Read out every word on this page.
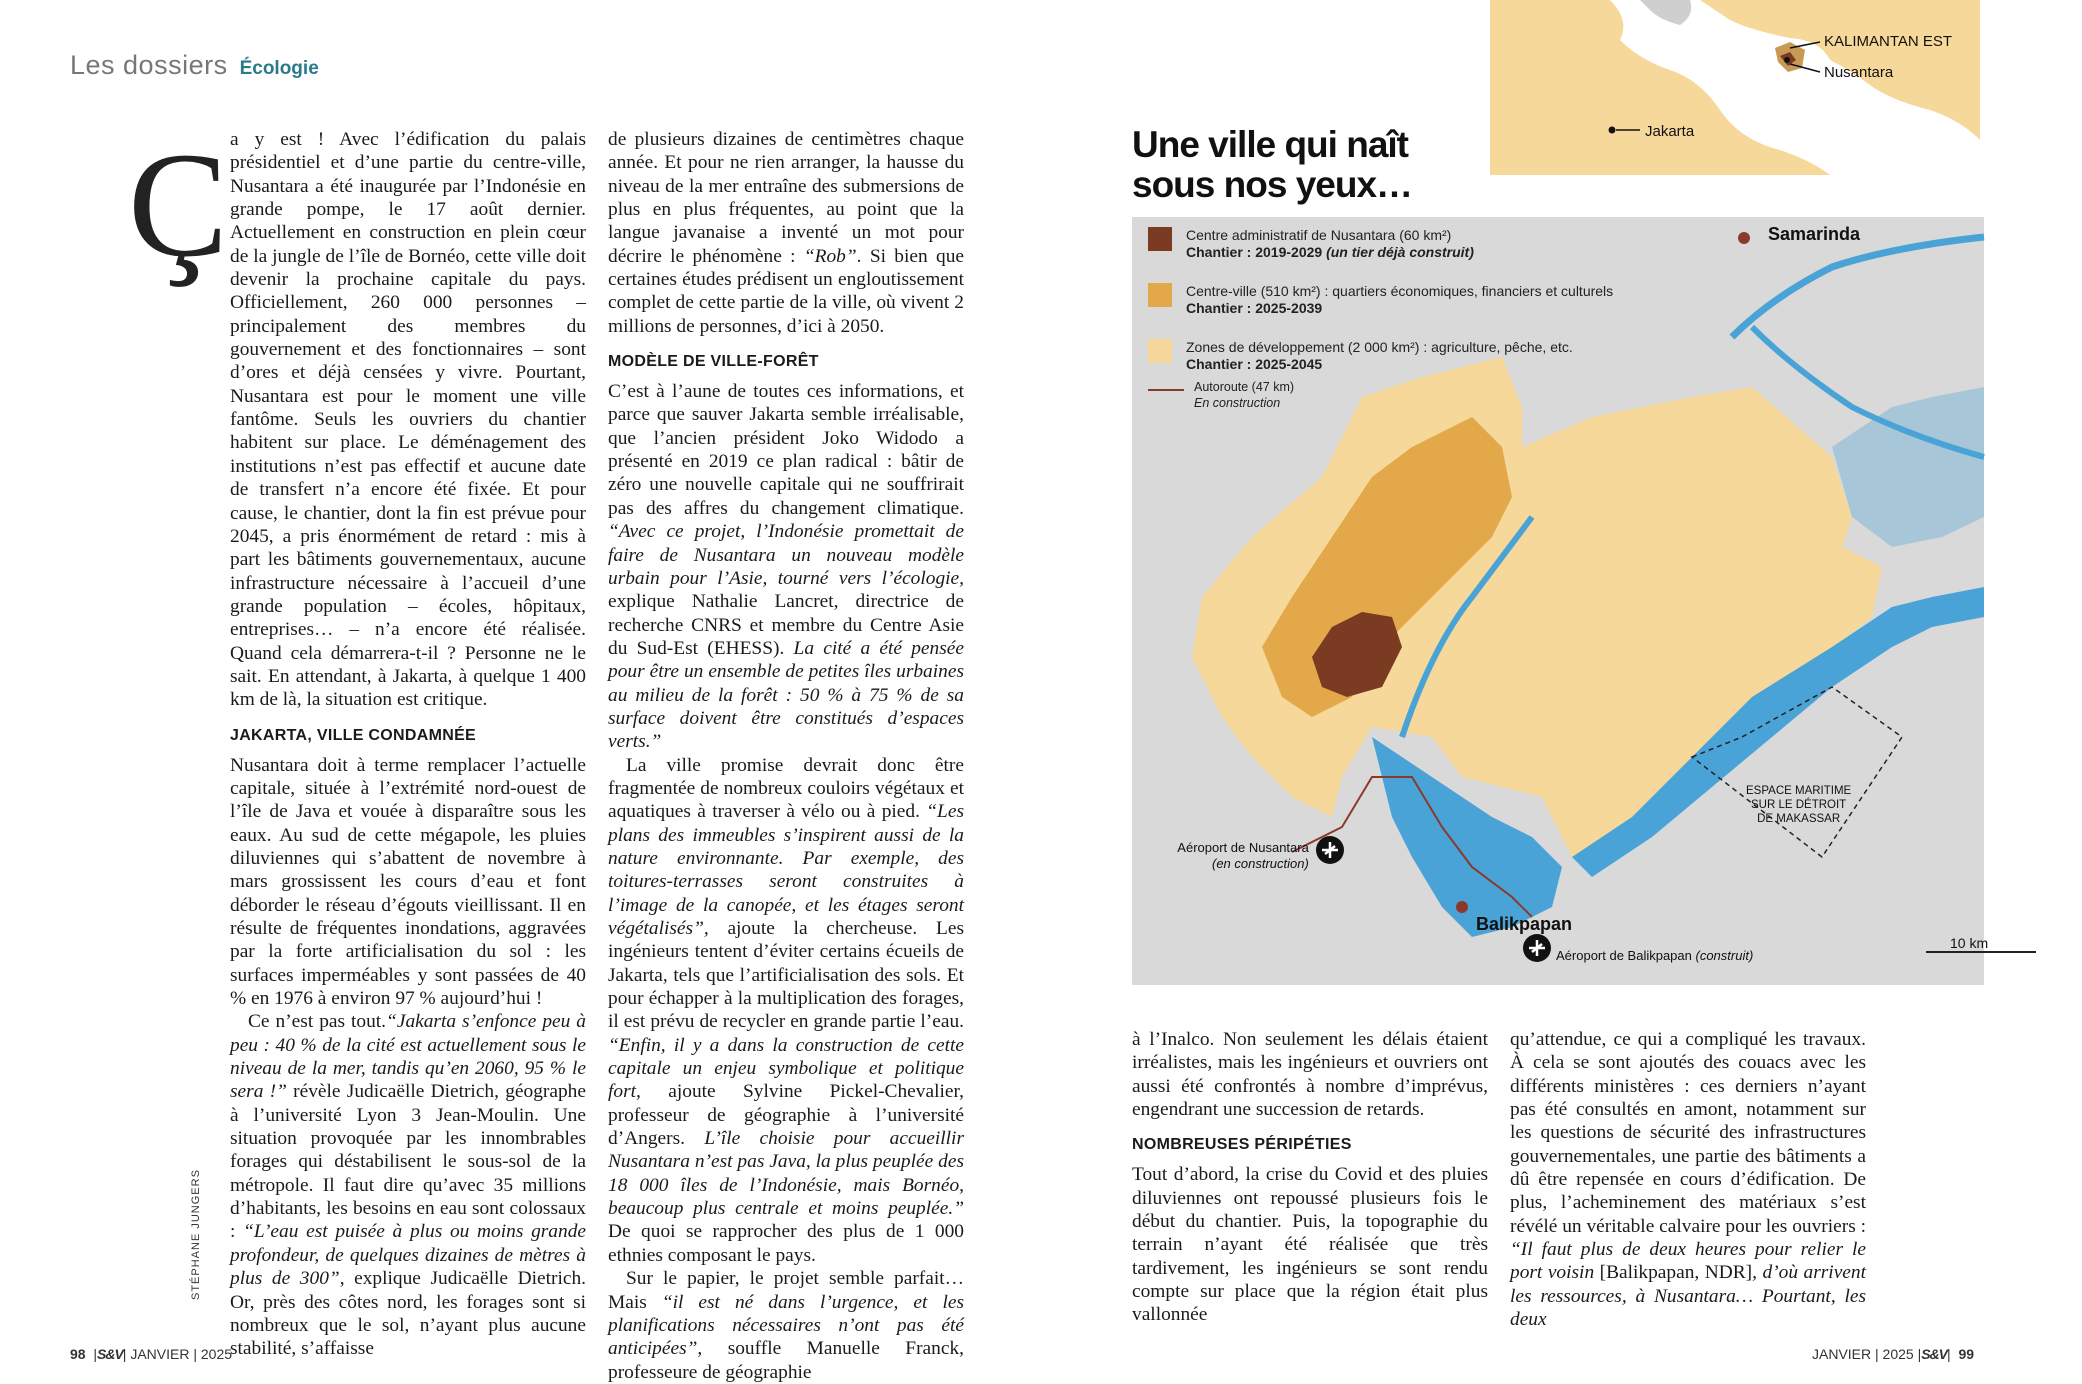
Les dossiers Écologie
Ç a y est ! Avec l’édification du palais présidentiel et d’une partie du centre-ville, Nusantara a été inaugurée par l’Indonésie en grande pompe, le 17 août dernier. Actuellement en construction en plein cœur de la jungle de l’île de Bornéo, cette ville doit devenir la prochaine capitale du pays. Officiellement, 260 000 personnes – principalement des membres du gouvernement et des fonctionnaires – sont d’ores et déjà censées y vivre. Pourtant, Nusantara est pour le moment une ville fantôme. Seuls les ouvriers du chantier habitent sur place. Le déménagement des institutions n’est pas effectif et aucune date de transfert n’a encore été fixée. Et pour cause, le chantier, dont la fin est prévue pour 2045, a pris énormément de retard : mis à part les bâtiments gouvernementaux, aucune infrastructure nécessaire à l’accueil d’une grande population – écoles, hôpitaux, entreprises… – n’a encore été réalisée. Quand cela démarrera-t-il ? Personne ne le sait. En attendant, à Jakarta, à quelque 1 400 km de là, la situation est critique.

JAKARTA, VILLE CONDAMNÉE

Nusantara doit à terme remplacer l’actuelle capitale, située à l’extrémité nord-ouest de l’île de Java et vouée à disparaître sous les eaux. Au sud de cette mégapole, les pluies diluviennes qui s’abattent de novembre à mars grossissent les cours d’eau et font déborder le réseau d’égouts vieillissant. Il en résulte de fréquentes inondations, aggravées par la forte artificialisation du sol : les surfaces imperméables y sont passées de 40 % en 1976 à environ 97 % aujourd’hui !

Ce n’est pas tout.“Jakarta s’enfonce peu à peu : 40 % de la cité est actuellement sous le niveau de la mer, tandis qu’en 2060, 95 % le sera !” révèle Judicaëlle Dietrich, géographe à l’université Lyon 3 Jean-Moulin. Une situation provoquée par les innombrables forages qui déstabilisent le sous-sol de la métropole. Il faut dire qu’avec 35 millions d’habitants, les besoins en eau sont colossaux : “L’eau est puisée à plus ou moins grande profondeur, de quelques dizaines de mètres à plus de 300”, explique Judicaëlle Dietrich. Or, près des côtes nord, les forages sont si nombreux que le sol, n’ayant plus aucune stabilité, s’affaisse

STÉPHANE JUNGERS

de plusieurs dizaines de centimètres chaque année. Et pour ne rien arranger, la hausse du niveau de la mer entraîne des submersions de plus en plus fréquentes, au point que la langue javanaise a inventé un mot pour décrire le phénomène : “Rob”. Si bien que certaines études prédisent un engloutissement complet de cette partie de la ville, où vivent 2 millions de personnes, d’ici à 2050.

MODÈLE DE VILLE-FORÊT

C’est à l’aune de toutes ces informations, et parce que sauver Jakarta semble irréalisable, que l’ancien président Joko Widodo a présenté en 2019 ce plan radical : bâtir de zéro une nouvelle capitale qui ne souffrirait pas des affres du changement climatique. “Avec ce projet, l’Indonésie promettait de faire de Nusantara un nouveau modèle urbain pour l’Asie, tourné vers l’écologie, explique Nathalie Lancret, directrice de recherche CNRS et membre du Centre Asie du Sud-Est (EHESS). La cité a été pensée pour être un ensemble de petites îles urbaines au milieu de la forêt : 50 % à 75 % de sa surface doivent être constitués d’espaces verts.”

La ville promise devrait donc être fragmentée de nombreux couloirs végétaux et aquatiques à traverser à vélo ou à pied. “Les plans des immeubles s’inspirent aussi de la nature environnante. Par exemple, des toitures-terrasses seront construites à l’image de la canopée, et les étages seront végétalisés”, ajoute la chercheuse. Les ingénieurs tentent d’éviter certains écueils de Jakarta, tels que l’artificialisation des sols. Et pour échapper à la multiplication des forages, il est prévu de recycler en grande partie l’eau. “Enfin, il y a dans la construction de cette capitale un enjeu symbolique et politique fort, ajoute Sylvine Pickel-Chevalier, professeur de géographie à l’université d’Angers. L’île choisie pour accueillir Nusantara n’est pas Java, la plus peuplée des 18 000 îles de l’Indonésie, mais Bornéo, beaucoup plus centrale et moins peuplée.” De quoi se rapprocher des plus de 1 000 ethnies composant le pays.

Sur le papier, le projet semble parfait… Mais “il est né dans l’urgence, et les planifications nécessaires n’ont pas été anticipées”, souffle Manuelle Franck, professeure de géographie

à l’Inalco. Non seulement les délais étaient irréalistes, mais les ingénieurs et ouvriers ont aussi été confrontés à nombre d’imprévus, engendrant une succession de retards.

NOMBREUSES PÉRIPÉTIES

Tout d’abord, la crise du Covid et des pluies diluviennes ont repoussé plusieurs fois le début du chantier. Puis, la topographie du terrain n’ayant été réalisée que très tardivement, les ingénieurs se sont rendu compte sur place que la région était plus vallonnée

qu’attendue, ce qui a compliqué les travaux. À cela se sont ajoutés des couacs avec les différents ministères : ces derniers n’ayant pas été consultés en amont, notamment sur les questions de sécurité des infrastructures gouvernementales, une partie des bâtiments a dû être repensée en cours d’édification. De plus, l’acheminement des matériaux s’est révélé un véritable calvaire pour les ouvriers : “Il faut plus de deux heures pour relier le port voisin [Balikpapan, NDR], d’où arrivent les ressources, à Nusantara… Pourtant, les deux

KALIMANTAN EST
Nusantara
Jakarta
Une ville qui naît
sous nos yeux…
Centre administratif de Nusantara (60 km²)
Chantier : 2019-2029 (un tier déjà construit)
Centre-ville (510 km²) : quartiers économiques, financiers et culturels
Chantier : 2025-2039
Zones de développement (2 000 km²) : agriculture, pêche, etc.
Chantier : 2025-2045
Autoroute (47 km)
En construction
Samarinda
Balikpapan
Aéroport de Nusantara
(en construction)
Aéroport de Balikpapan (construit)
ESPACE MARITIME
SUR LE DÉTROIT
DE MAKASSAR
10 km
98  |S&V| JANVIER | 2025	JANVIER | 2025 |S&V|  99
